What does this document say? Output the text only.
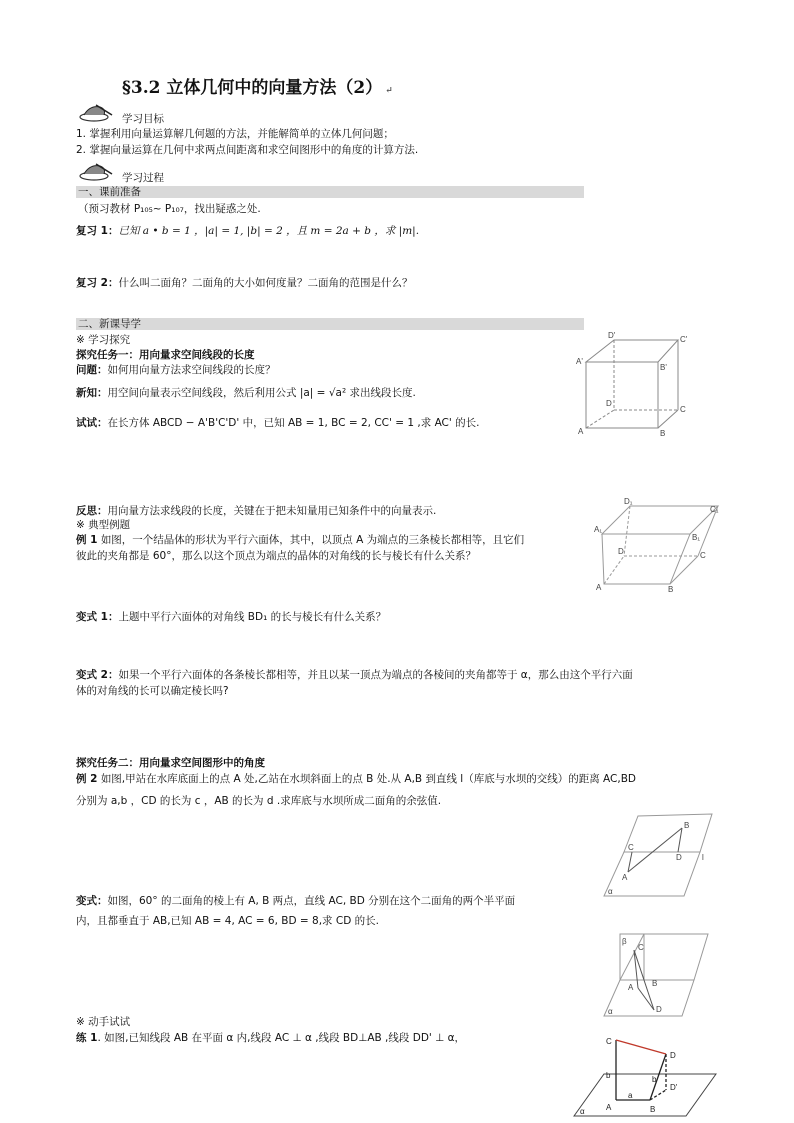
§3.2 立体几何中的向量方法（2） ↵
学习目标
1. 掌握利用向量运算解几何题的方法，并能解简单的立体几何问题；
2. 掌握向量运算在几何中求两点间距离和求空间图形中的角度的计算方法.
学习过程
一、课前准备
（预习教材 P₁₀₅~ P₁₀₇，找出疑惑之处.
复习 1：已知 a • b = 1 ，|a| = 1, |b| = 2 ，且 m = 2a + b ，求 |m|.
复习 2：什么叫二面角？二面角的大小如何度量？二面角的范围是什么？
二、新课导学
※ 学习探究
探究任务一：用向量求空间线段的长度
问题：如何用向量方法求空间线段的长度？
新知：用空间向量表示空间线段，然后利用公式 |a| = √a² 求出线段长度.
试试：在长方体 ABCD − A'B'C'D' 中，已知 AB = 1, BC = 2, CC' = 1 ,求 AC' 的长.
D'	C'
A'
B'
D
C
A	B
反思：用向量方法求线段的长度，关键在于把未知量用已知条件中的向量表示.
※ 典型例题
例 1 如图，一个结晶体的形状为平行六面体，其中，以顶点 A 为端点的三条棱长都相等，且它们
彼此的夹角都是 60°，那么以这个顶点为端点的晶体的对角线的长与棱长有什么关系？
D₁
C₁
A₁
B₁
D	C
A	B
变式 1：上题中平行六面体的对角线 BD₁ 的长与棱长有什么关系？
变式 2：如果一个平行六面体的各条棱长都相等，并且以某一顶点为端点的各棱间的夹角都等于 α，那么由这个平行六面
体的对角线的长可以确定棱长吗?
探究任务二：用向量求空间图形中的角度
例 2 如图,甲站在水库底面上的点 A 处,乙站在水坝斜面上的点 B 处.从 A,B 到直线 l（库底与水坝的交线）的距离 AC,BD
分别为 a,b ，CD 的长为 c ，AB 的长为 d .求库底与水坝所成二面角的余弦值.
B
C
D
A
α
l
变式：如图，60° 的二面角的棱上有 A, B 两点，直线 AC, BD 分别在这个二面角的两个半平面
内，且都垂直于 AB,已知 AB = 4, AC = 6, BD = 8,求 CD 的长.
β
C
A
D
B
α
※ 动手试试
练 1. 如图,已知线段 AB 在平面 α 内,线段 AC ⊥ α ,线段 BD⊥AB ,线段 DD' ⊥ α，	C
D
D'
b	b
a
A	B
α
